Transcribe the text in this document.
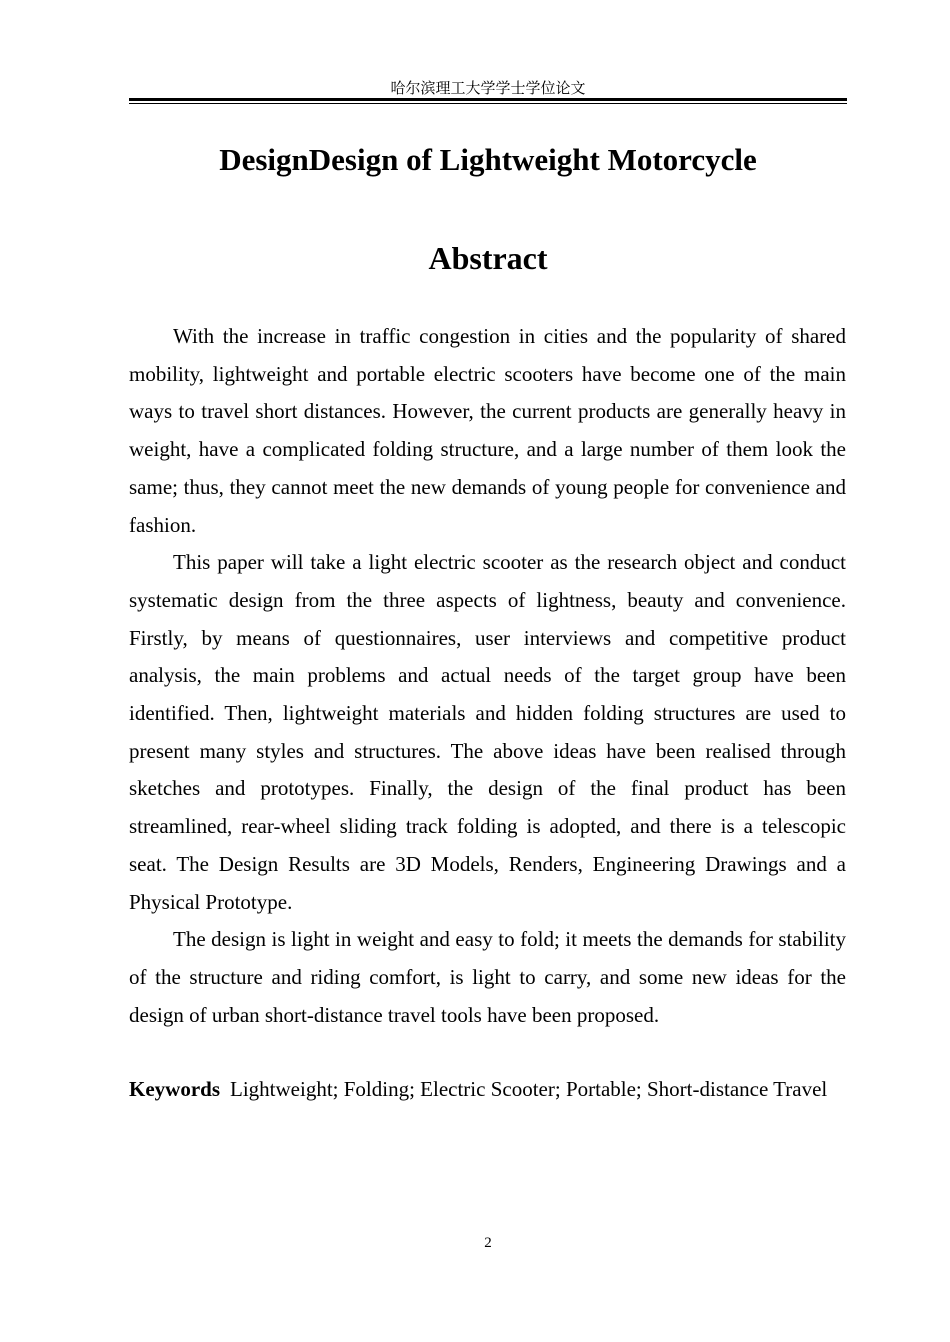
哈尔滨理工大学学士学位论文
DesignDesign of Lightweight Motorcycle
Abstract

With the increase in traffic congestion in cities and the popularity of shared mobility, lightweight and portable electric scooters have become one of the main ways to travel short distances. However, the current products are generally heavy in weight, have a complicated folding structure, and a large number of them look the same; thus, they cannot meet the new demands of young people for convenience and fashion.

This paper will take a light electric scooter as the research object and conduct systematic design from the three aspects of lightness, beauty and convenience. Firstly, by means of questionnaires, user interviews and competitive product analysis, the main problems and actual needs of the target group have been identified. Then, lightweight materials and hidden folding structures are used to present many styles and structures. The above ideas have been realised through sketches and prototypes. Finally, the design of the final product has been streamlined, rear-wheel sliding track folding is adopted, and there is a telescopic seat. The Design Results are 3D Models, Renders, Engineering Drawings and a Physical Prototype.

The design is light in weight and easy to fold; it meets the demands for stability of the structure and riding comfort, is light to carry, and some new ideas for the design of urban short-distance travel tools have been proposed.

Keywords Lightweight; Folding; Electric Scooter; Portable; Short-distance Travel

2
